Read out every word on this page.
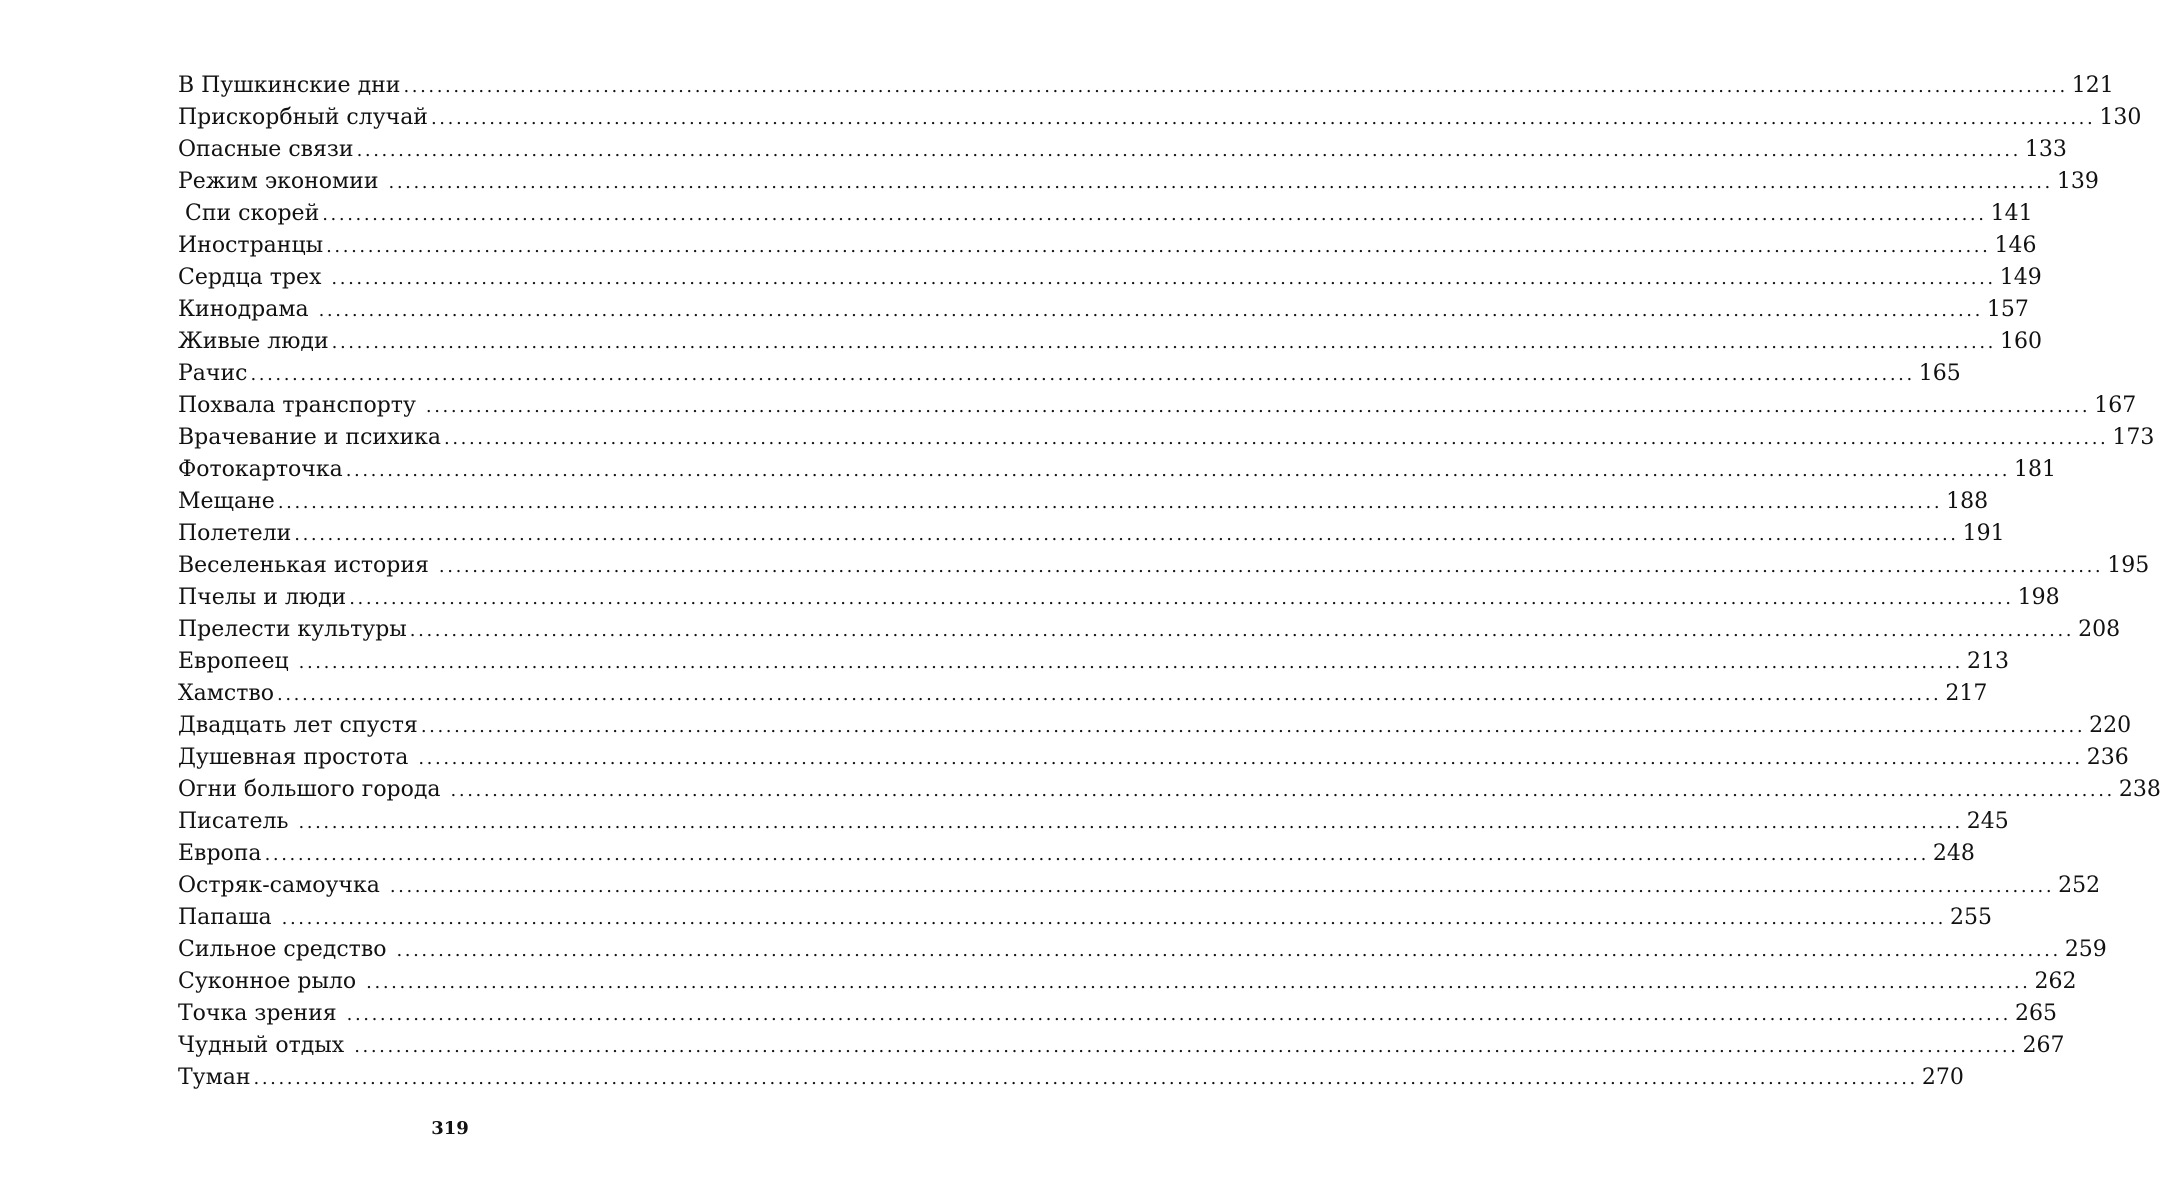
В Пушкинские дни ........................................................................................................................................................................................................ 121
Прискорбный случай ........................................................................................................................................................................................................ 130
Опасные связи ........................................................................................................................................................................................................ 133
Режим экономии ........................................................................................................................................................................................................ 139
Спи скорей ........................................................................................................................................................................................................ 141
Иностранцы ........................................................................................................................................................................................................ 146
Сердца трех ........................................................................................................................................................................................................ 149
Кинодрама ........................................................................................................................................................................................................ 157
Живые люди ........................................................................................................................................................................................................ 160
Рачис ........................................................................................................................................................................................................ 165
Похвала транспорту ........................................................................................................................................................................................................ 167
Врачевание и психика ........................................................................................................................................................................................................ 173
Фотокарточка ........................................................................................................................................................................................................ 181
Мещане ........................................................................................................................................................................................................ 188
Полетели ........................................................................................................................................................................................................ 191
Веселенькая история ........................................................................................................................................................................................................ 195
Пчелы и люди ........................................................................................................................................................................................................ 198
Прелести культуры ........................................................................................................................................................................................................ 208
Европеец ........................................................................................................................................................................................................ 213
Хамство ........................................................................................................................................................................................................ 217
Двадцать лет спустя ........................................................................................................................................................................................................ 220
Душевная простота ........................................................................................................................................................................................................ 236
Огни большого города ........................................................................................................................................................................................................ 238
Писатель ........................................................................................................................................................................................................ 245
Европа ........................................................................................................................................................................................................ 248
Остряк-самоучка ........................................................................................................................................................................................................ 252
Папаша ........................................................................................................................................................................................................ 255
Сильное средство ........................................................................................................................................................................................................ 259
Суконное рыло ........................................................................................................................................................................................................ 262
Точка зрения ........................................................................................................................................................................................................ 265
Чудный отдых ........................................................................................................................................................................................................ 267
Туман ........................................................................................................................................................................................................ 270
319
